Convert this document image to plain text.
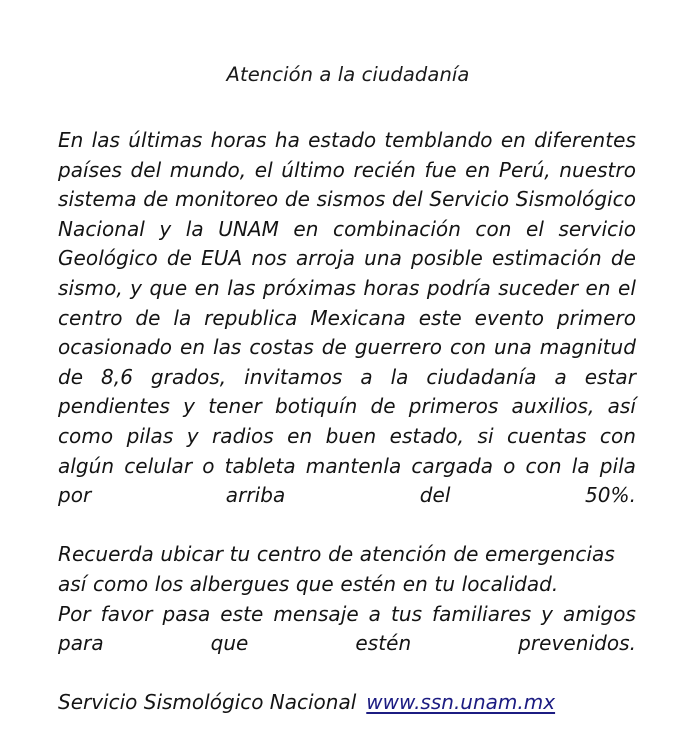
Atención a la ciudadanía

En las últimas horas ha estado temblando en diferentes países del mundo, el último recién fue en Perú, nuestro sistema de monitoreo de sismos del Servicio Sismológico Nacional y la UNAM en combinación con el servicio Geológico de EUA nos arroja una posible estimación de sismo, y que en las próximas horas podría suceder en el centro de la republica Mexicana este evento primero ocasionado en las costas de guerrero con una magnitud de 8,6 grados, invitamos a la ciudadanía a estar pendientes y tener botiquín de primeros auxilios, así como pilas y radios en buen estado, si cuentas con algún celular o tableta mantenla cargada o con la pila por arriba del 50%.

Recuerda ubicar tu centro de atención de emergencias así como los albergues que estén en tu localidad.

Por favor pasa este mensaje a tus familiares y amigos para que estén prevenidos.

Servicio Sismológico Nacional www.ssn.unam.mx
